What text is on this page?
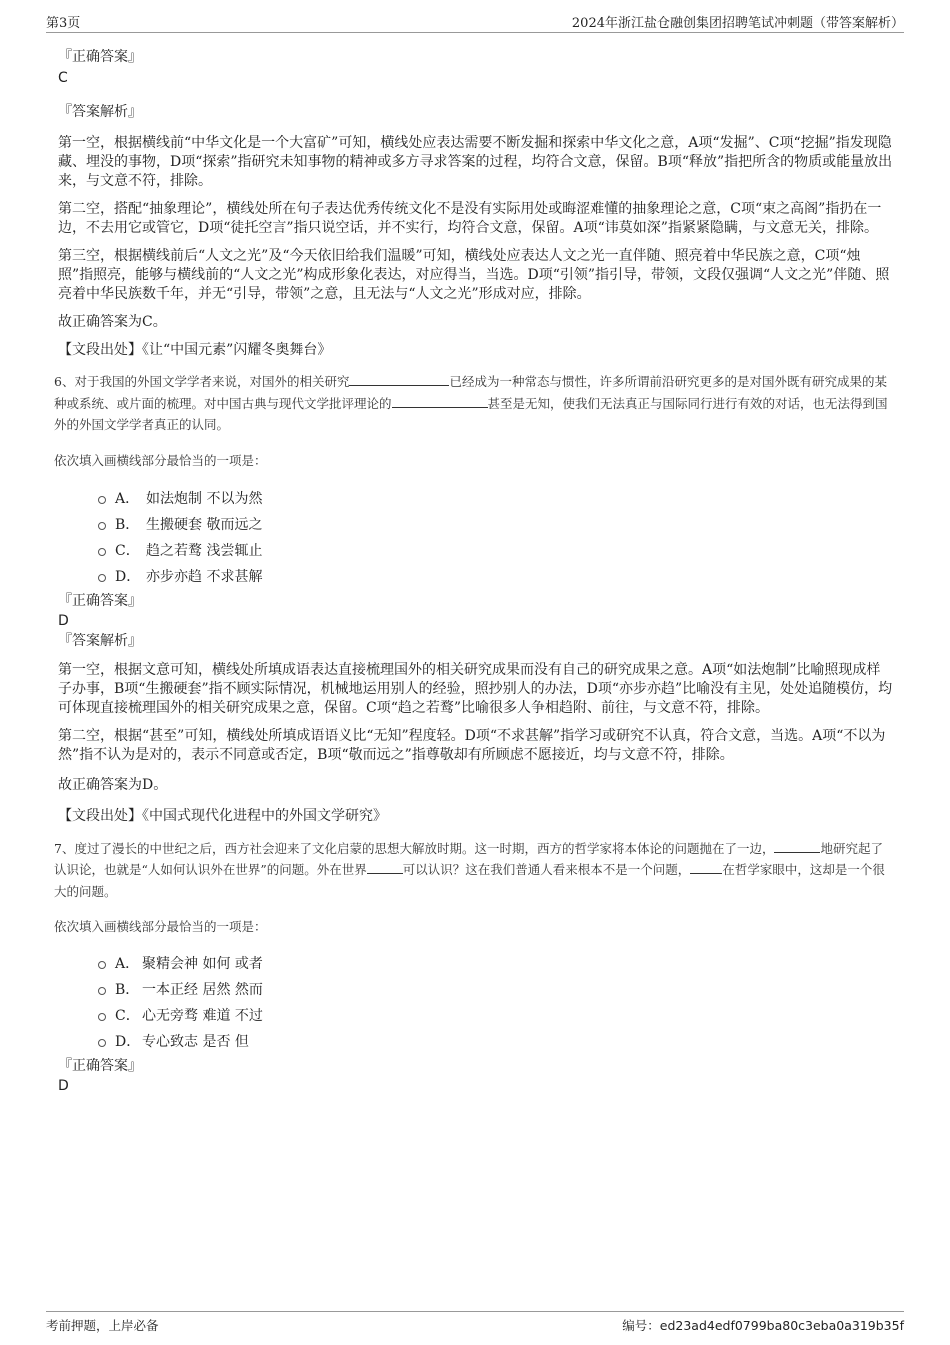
第3页	2024年浙江盐仓融创集团招聘笔试冲刺题（带答案解析）
『正确答案』
C
『答案解析』

第一空，根据横线前“中华文化是一个大富矿”可知，横线处应表达需要不断发掘和探索中华文化之意，A项“发掘”、C项“挖掘”指发现隐藏、埋没的事物，D项“探索”指研究未知事物的精神或多方寻求答案的过程，均符合文意，保留。B项“释放”指把所含的物质或能量放出来，与文意不符，排除。

第二空，搭配“抽象理论”，横线处所在句子表达优秀传统文化不是没有实际用处或晦涩难懂的抽象理论之意，C项“束之高阁”指扔在一边，不去用它或管它，D项“徒托空言”指只说空话，并不实行，均符合文意，保留。A项“讳莫如深”指紧紧隐瞒，与文意无关，排除。

第三空，根据横线前后“人文之光”及“今天依旧给我们温暖”可知，横线处应表达人文之光一直伴随、照亮着中华民族之意，C项“烛照”指照亮，能够与横线前的“人文之光”构成形象化表达，对应得当，当选。D项“引领”指引导，带领，文段仅强调“人文之光”伴随、照亮着中华民族数千年，并无“引导，带领”之意，且无法与“人文之光”形成对应，排除。

故正确答案为C。

【文段出处】《让“中国元素”闪耀冬奥舞台》

6、对于我国的外国文学学者来说，对国外的相关研究	已经成为一种常态与惯性，许多所谓前沿研究更多的是对国外既有研究成果的某种或系统、或片面的梳理。对中国古典与现代文学批评理论的	甚至是无知，使我们无法真正与国际同行进行有效的对话，也无法得到国外的外国文学学者真正的认同。

依次填入画横线部分最恰当的一项是：
A． 如法炮制 不以为然
B． 生搬硬套 敬而远之
C． 趋之若鹜 浅尝辄止
D． 亦步亦趋 不求甚解
『正确答案』
D
『答案解析』

第一空，根据文意可知，横线处所填成语表达直接梳理国外的相关研究成果而没有自己的研究成果之意。A项“如法炮制”比喻照现成样子办事，B项“生搬硬套”指不顾实际情况，机械地运用别人的经验，照抄别人的办法，D项“亦步亦趋”比喻没有主见，处处追随模仿，均可体现直接梳理国外的相关研究成果之意，保留。C项“趋之若鹜”比喻很多人争相趋附、前往，与文意不符，排除。

第二空，根据“甚至”可知，横线处所填成语语义比“无知”程度轻。D项“不求甚解”指学习或研究不认真，符合文意，当选。A项“不以为然”指不认为是对的，表示不同意或否定，B项“敬而远之”指尊敬却有所顾虑不愿接近，均与文意不符，排除。

故正确答案为D。

【文段出处】《中国式现代化进程中的外国文学研究》

7、度过了漫长的中世纪之后，西方社会迎来了文化启蒙的思想大解放时期。这一时期，西方的哲学家将本体论的问题抛在了一边，	地研究起了认识论，也就是“人如何认识外在世界”的问题。外在世界	可以认识？这在我们普通人看来根本不是一个问题，	在哲学家眼中，这却是一个很大的问题。

依次填入画横线部分最恰当的一项是：
A． 聚精会神 如何 或者
B． 一本正经 居然 然而
C． 心无旁骛 难道 不过
D． 专心致志 是否 但
『正确答案』
D
考前押题，上岸必备	编号：ed23ad4edf0799ba80c3eba0a319b35f
